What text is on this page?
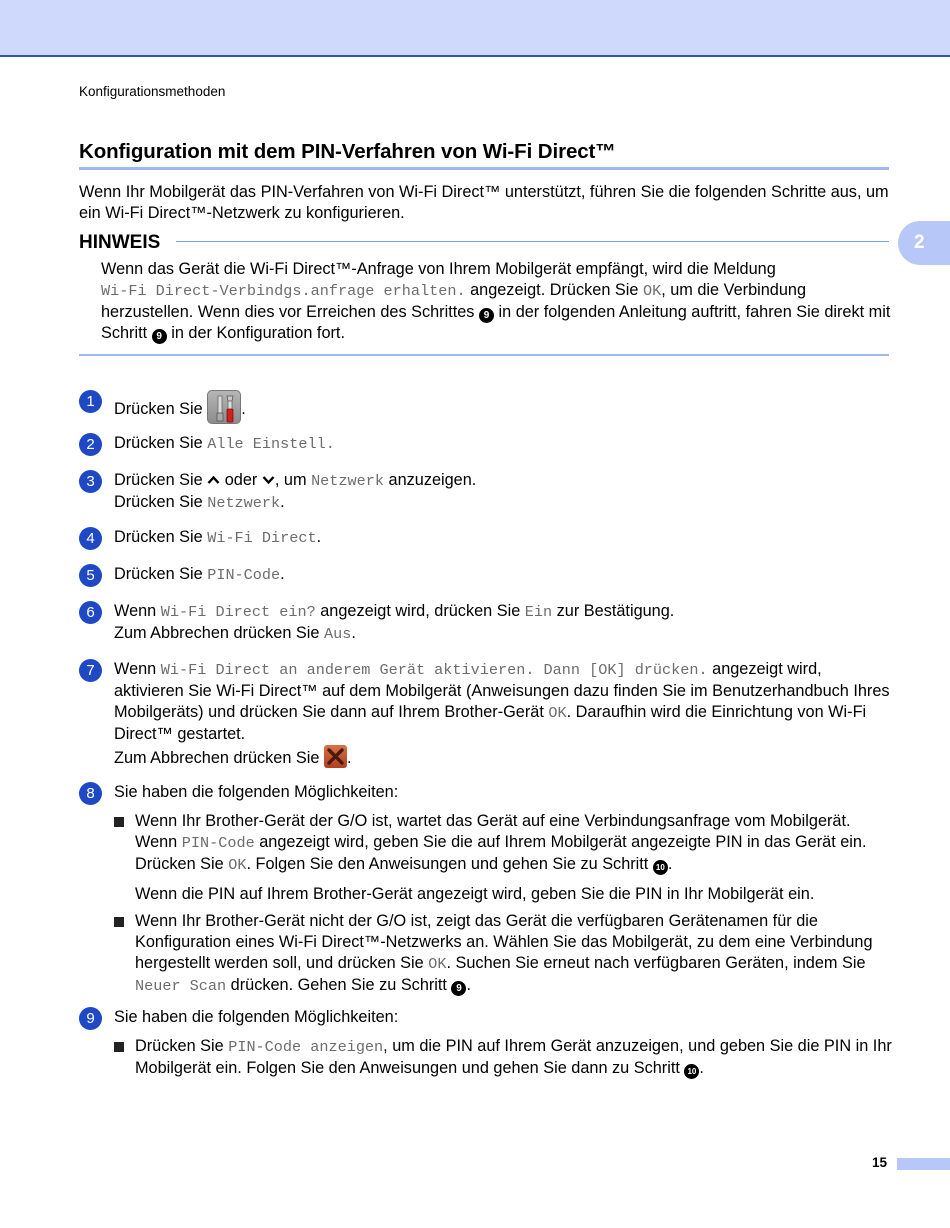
Konfigurationsmethoden
Konfiguration mit dem PIN-Verfahren von Wi-Fi Direct™

Wenn Ihr Mobilgerät das PIN-Verfahren von Wi-Fi Direct™ unterstützt, führen Sie die folgenden Schritte aus, um ein Wi-Fi Direct™-Netzwerk zu konfigurieren.

2
HINWEIS

Wenn das Gerät die Wi-Fi Direct™-Anfrage von Ihrem Mobilgerät empfängt, wird die Meldung
Wi-Fi Direct-Verbindgs.anfrage erhalten. angezeigt. Drücken Sie OK, um die Verbindung herzustellen. Wenn dies vor Erreichen des Schrittes 9 in der folgenden Anleitung auftritt, fahren Sie direkt mit Schritt 9 in der Konfiguration fort.

1	Drücken Sie .
2	Drücken Sie Alle Einstell.
3	Drücken Sie  oder , um Netzwerk anzuzeigen.
Drücken Sie Netzwerk.
4	Drücken Sie Wi-Fi Direct.
5	Drücken Sie PIN-Code.
6	Wenn Wi-Fi Direct ein? angezeigt wird, drücken Sie Ein zur Bestätigung.
Zum Abbrechen drücken Sie Aus.
7	Wenn Wi-Fi Direct an anderem Gerät aktivieren. Dann [OK] drücken. angezeigt wird, aktivieren Sie Wi-Fi Direct™ auf dem Mobilgerät (Anweisungen dazu finden Sie im Benutzerhandbuch Ihres Mobilgeräts) und drücken Sie dann auf Ihrem Brother-Gerät OK. Daraufhin wird die Einrichtung von Wi-Fi Direct™ gestartet.
Zum Abbrechen drücken Sie .
8	Sie haben die folgenden Möglichkeiten:
Wenn Ihr Brother-Gerät der G/O ist, wartet das Gerät auf eine Verbindungsanfrage vom Mobilgerät. Wenn PIN-Code angezeigt wird, geben Sie die auf Ihrem Mobilgerät angezeigte PIN in das Gerät ein. Drücken Sie OK. Folgen Sie den Anweisungen und gehen Sie zu Schritt 10 .
Wenn die PIN auf Ihrem Brother-Gerät angezeigt wird, geben Sie die PIN in Ihr Mobilgerät ein.
Wenn Ihr Brother-Gerät nicht der G/O ist, zeigt das Gerät die verfügbaren Gerätenamen für die Konfiguration eines Wi-Fi Direct™-Netzwerks an. Wählen Sie das Mobilgerät, zu dem eine Verbindung hergestellt werden soll, und drücken Sie OK. Suchen Sie erneut nach verfügbaren Geräten, indem Sie Neuer Scan drücken. Gehen Sie zu Schritt 9 .
9	Sie haben die folgenden Möglichkeiten:
Drücken Sie PIN-Code anzeigen, um die PIN auf Ihrem Gerät anzuzeigen, und geben Sie die PIN in Ihr Mobilgerät ein. Folgen Sie den Anweisungen und gehen Sie dann zu Schritt 10 .
15
